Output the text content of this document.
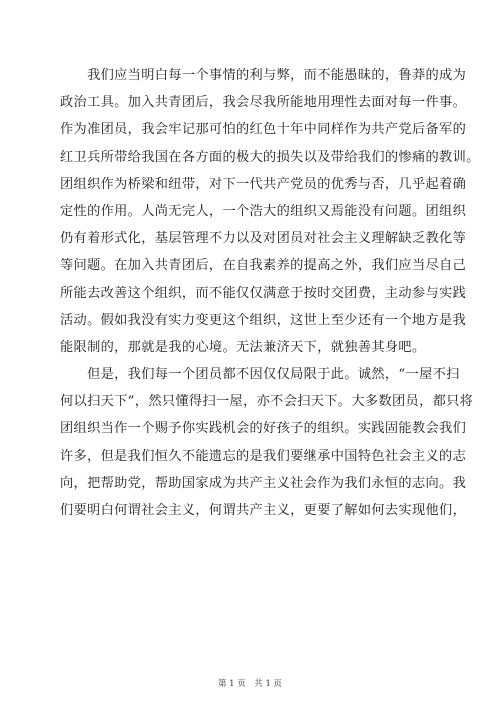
　　我们应当明白每一个事情的利与弊，而不能愚昧的，鲁莽的成为
政治工具。加入共青团后，我会尽我所能地用理性去面对每一件事。
作为准团员，我会牢记那可怕的红色十年中同样作为共产党后备军的
红卫兵所带给我国在各方面的极大的损失以及带给我们的惨痛的教训。
团组织作为桥梁和纽带，对下一代共产党员的优秀与否，几乎起着确
定性的作用。人尚无完人，一个浩大的组织又焉能没有问题。团组织
仍有着形式化，基层管理不力以及对团员对社会主义理解缺乏教化等
等问题。在加入共青团后，在自我素养的提高之外，我们应当尽自己
所能去改善这个组织，而不能仅仅满意于按时交团费，主动参与实践
活动。假如我没有实力变更这个组织，这世上至少还有一个地方是我
能限制的，那就是我的心境。无法兼济天下，就独善其身吧。
　　但是，我们每一个团员都不因仅仅局限于此。诚然，“一屋不扫
何以扫天下”，然只懂得扫一屋，亦不会扫天下。大多数团员，都只将
团组织当作一个赐予你实践机会的好孩子的组织。实践固能教会我们
许多，但是我们恒久不能遗忘的是我们要继承中国特色社会主义的志
向，把帮助党，帮助国家成为共产主义社会作为我们永恒的志向。我
们要明白何谓社会主义，何谓共产主义，更要了解如何去实现他们，
第 1 页　共 1 页
